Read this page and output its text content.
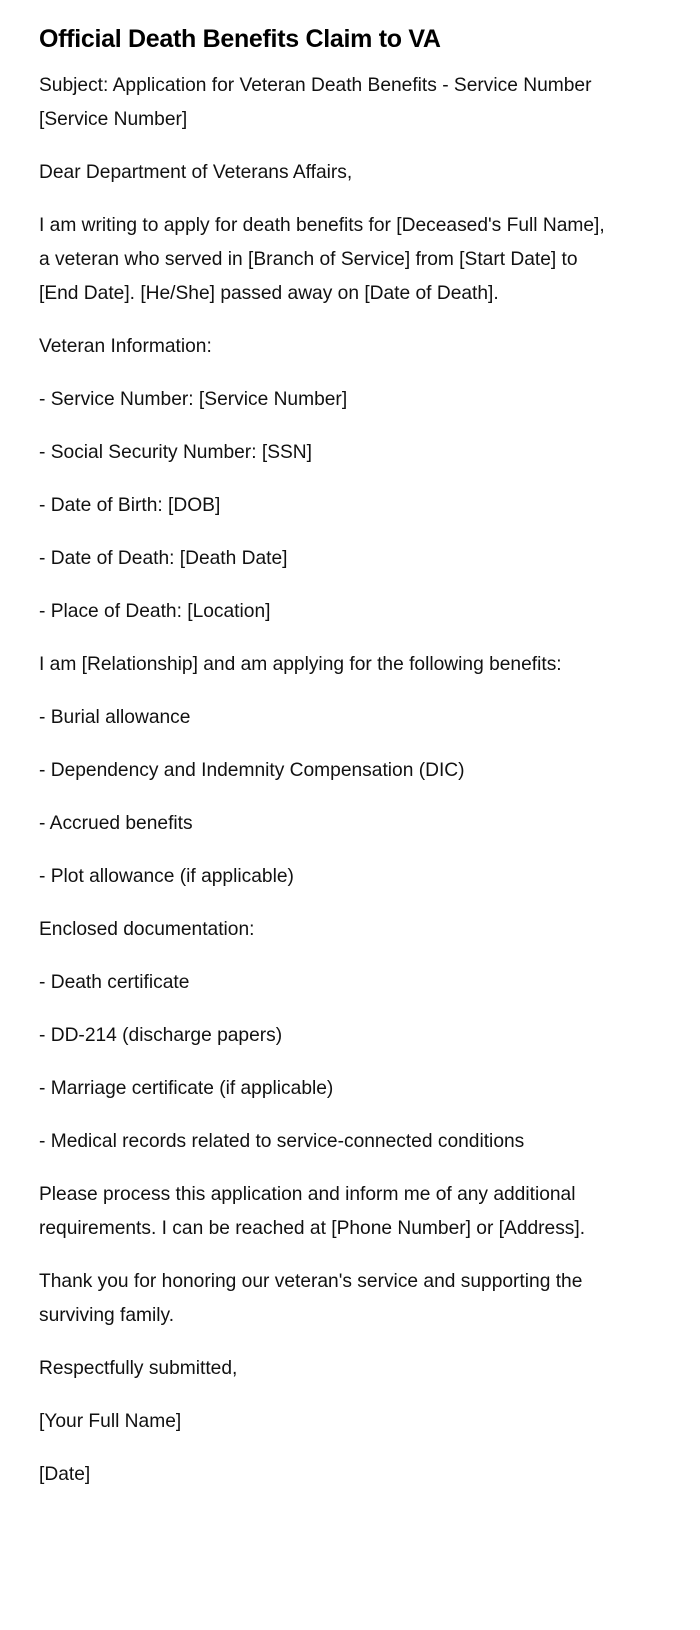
Official Death Benefits Claim to VA

Subject: Application for Veteran Death Benefits - Service Number [Service Number]

Dear Department of Veterans Affairs,

I am writing to apply for death benefits for [Deceased's Full Name], a veteran who served in [Branch of Service] from [Start Date] to [End Date]. [He/She] passed away on [Date of Death].

Veteran Information:

- Service Number: [Service Number]

- Social Security Number: [SSN]

- Date of Birth: [DOB]

- Date of Death: [Death Date]

- Place of Death: [Location]

I am [Relationship] and am applying for the following benefits:

- Burial allowance

- Dependency and Indemnity Compensation (DIC)

- Accrued benefits

- Plot allowance (if applicable)

Enclosed documentation:

- Death certificate

- DD-214 (discharge papers)

- Marriage certificate (if applicable)

- Medical records related to service-connected conditions

Please process this application and inform me of any additional requirements. I can be reached at [Phone Number] or [Address].

Thank you for honoring our veteran's service and supporting the surviving family.

Respectfully submitted,

[Your Full Name]

[Date]
